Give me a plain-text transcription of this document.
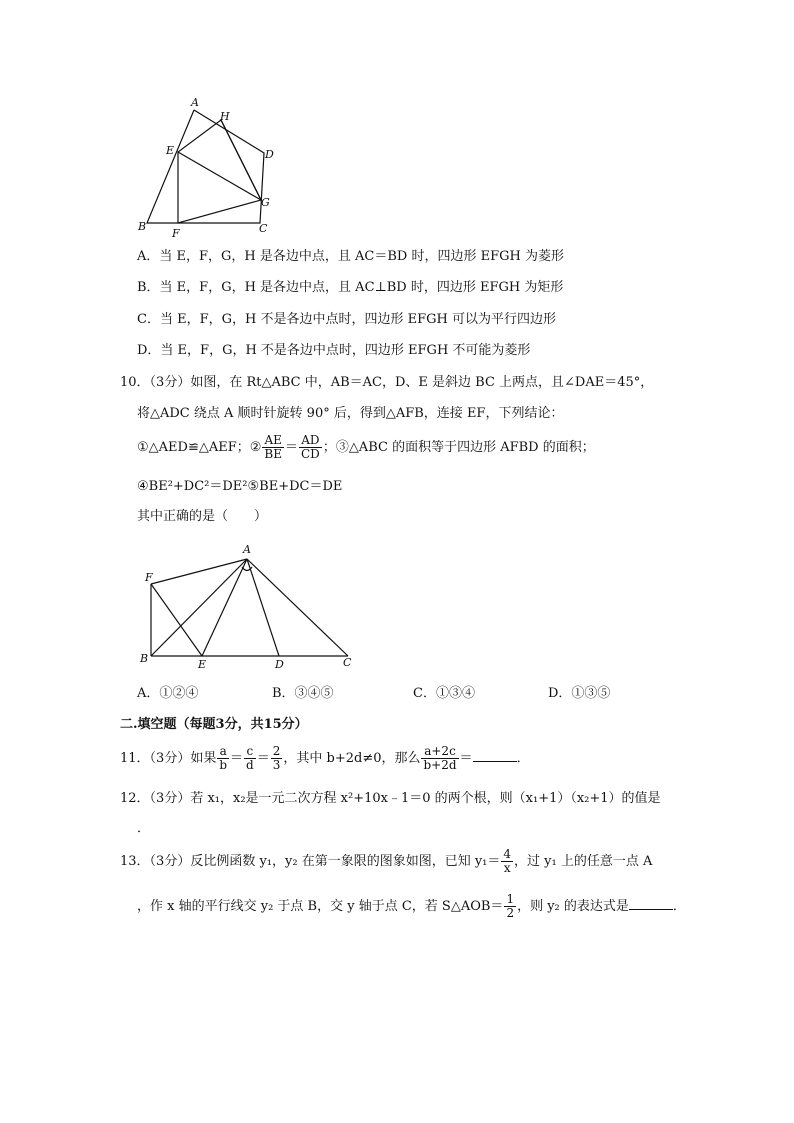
A
H
E	D
G
B
F	C
A．当 E，F，G，H 是各边中点，且 AC＝BD 时，四边形 EFGH 为菱形
B．当 E，F，G，H 是各边中点，且 AC⊥BD 时，四边形 EFGH 为矩形
C．当 E，F，G，H 不是各边中点时，四边形 EFGH 可以为平行四边形
D．当 E，F，G，H 不是各边中点时，四边形 EFGH 不可能为菱形
10．（3分）如图，在 Rt△ABC 中，AB＝AC，D、E 是斜边 BC 上两点，且∠DAE＝45°，
将△ADC 绕点 A 顺时针旋转 90° 后，得到△AFB，连接 EF，下列结论：
①△AED≌△AEF；② $\frac{AE}{BE} = \frac{AD}{CD}$ ；③△ABC 的面积等于四边形 AFBD 的面积；
④BE²+DC²＝DE²⑤BE+DC＝DE
其中正确的是（　　）
A
F
B	E	D	C
A．①②④	B．③④⑤	C．①③④	D．①③⑤
二.填空题（每题3分，共15分）
11．（3分）如果 $\frac{a}{b} = \frac{c}{d} = \frac{2}{3}$ ，其中 b+2d≠0，那么 $\frac{a+2c}{b+2d}$ ＝	．
12．（3分）若 x₁，x₂是一元二次方程 x²+10x﹣1＝0 的两个根，则（x₁+1）（x₂+1）的值是
．
13．（3分）反比例函数 y₁，y₂ 在第一象限的图象如图，已知 $y_1= \frac{4}{x}$ ，过 y₁ 上的任意一点 A
，作 x 轴的平行线交 y₂ 于点 B，交 y 轴于点 C，若 S△AOB＝ $\frac{1}{2}$ ，则 y₂ 的表达式是	．
